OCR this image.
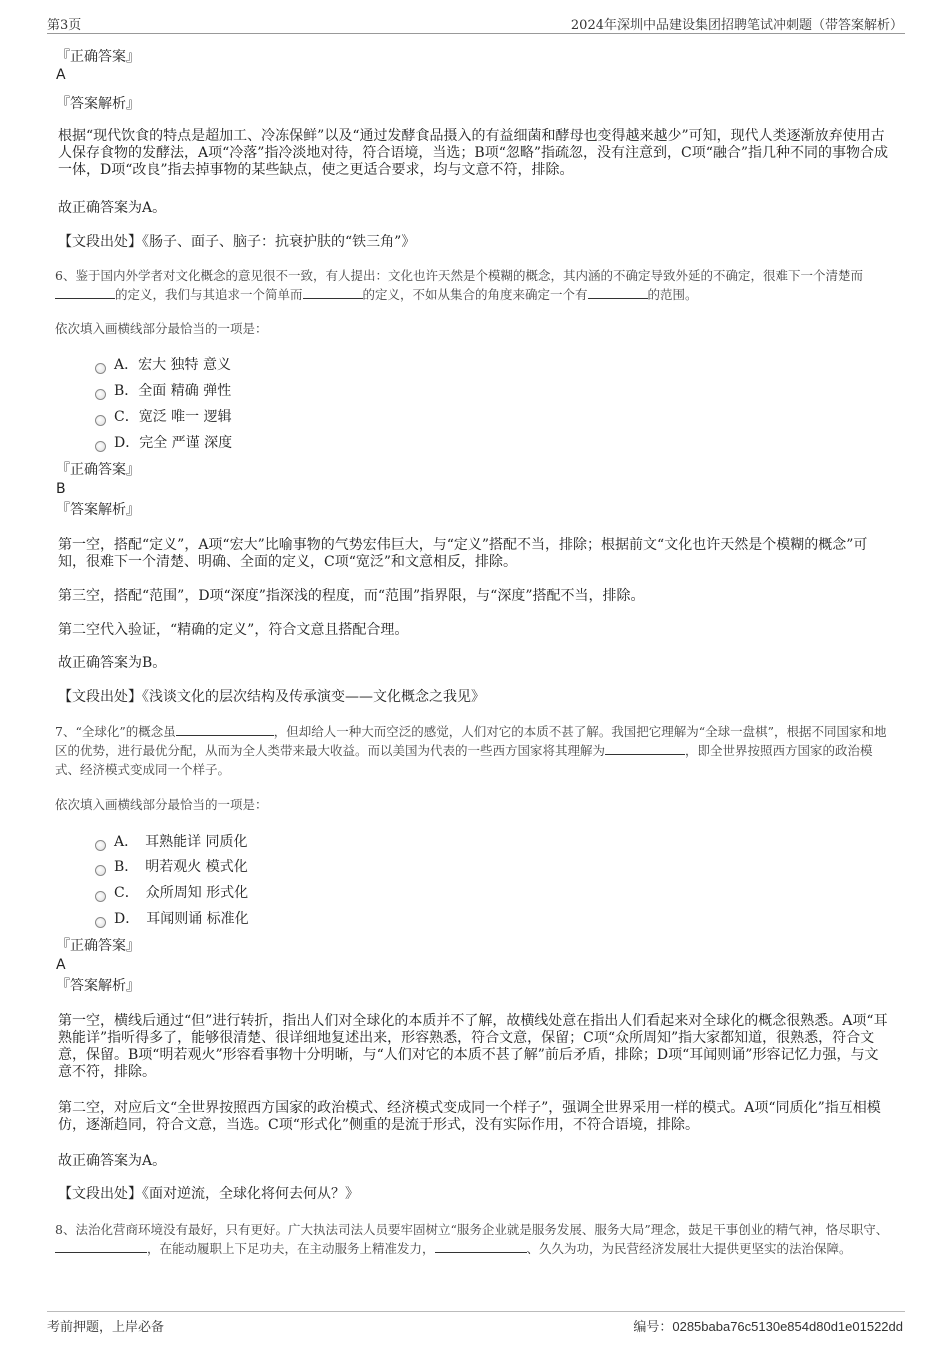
第3页	2024年深圳中品建设集团招聘笔试冲刺题（带答案解析）
『正确答案』
A
『答案解析』
根据“现代饮食的特点是超加工、冷冻保鲜”以及“通过发酵食品摄入的有益细菌和酵母也变得越来越少”可知，现代人类逐渐放弃使用古人保存食物的发酵法，A项“冷落”指冷淡地对待，符合语境，当选；B项“忽略”指疏忽，没有注意到，C项“融合”指几种不同的事物合成一体，D项“改良”指去掉事物的某些缺点，使之更适合要求，均与文意不符，排除。
故正确答案为A。
【文段出处】《肠子、面子、脑子：抗衰护肤的“铁三角”》
6、鉴于国内外学者对文化概念的意见很不一致，有人提出：文化也许天然是个模糊的概念，其内涵的不确定导致外延的不确定，很难下一个清楚而的定义，我们与其追求一个简单而	的定义，不如从集合的角度来确定一个有	的范围。
依次填入画横线部分最恰当的一项是：
A．宏大 独特 意义
B．全面 精确 弹性
C．宽泛 唯一 逻辑
D．完全 严谨 深度
『正确答案』
B
『答案解析』
第一空，搭配“定义”，A项“宏大”比喻事物的气势宏伟巨大，与“定义”搭配不当，排除；根据前文“文化也许天然是个模糊的概念”可知，很难下一个清楚、明确、全面的定义，C项“宽泛”和文意相反，排除。
第三空，搭配“范围”，D项“深度”指深浅的程度，而“范围”指界限，与“深度”搭配不当，排除。
第二空代入验证，“精确的定义”，符合文意且搭配合理。
故正确答案为B。
【文段出处】《浅谈文化的层次结构及传承演变——文化概念之我见》
7、“全球化”的概念虽	，但却给人一种大而空泛的感觉，人们对它的本质不甚了解。我国把它理解为“全球一盘棋”，根据不同国家和地区的优势，进行最优分配，从而为全人类带来最大收益。而以美国为代表的一些西方国家将其理解为	，即全世界按照西方国家的政治模式、经济模式变成同一个样子。
依次填入画横线部分最恰当的一项是：
A．　耳熟能详 同质化
B．　明若观火 模式化
C．　众所周知 形式化
D．　耳闻则诵 标准化
『正确答案』
A
『答案解析』
第一空，横线后通过“但”进行转折，指出人们对全球化的本质并不了解，故横线处意在指出人们看起来对全球化的概念很熟悉。A项“耳熟能详”指听得多了，能够很清楚、很详细地复述出来，形容熟悉，符合文意，保留；C项“众所周知”指大家都知道，很熟悉，符合文意，保留。B项“明若观火”形容看事物十分明晰，与“人们对它的本质不甚了解”前后矛盾，排除；D项“耳闻则诵”形容记忆力强，与文意不符，排除。
第二空，对应后文“全世界按照西方国家的政治模式、经济模式变成同一个样子”，强调全世界采用一样的模式。A项“同质化”指互相模仿，逐渐趋同，符合文意，当选。C项“形式化”侧重的是流于形式，没有实际作用，不符合语境，排除。
故正确答案为A。
【文段出处】《面对逆流，全球化将何去何从？》
8、法治化营商环境没有最好，只有更好。广大执法司法人员要牢固树立“服务企业就是服务发展、服务大局”理念，鼓足干事创业的精气神，恪尽职守、，在能动履职上下足功夫，在主动服务上精准发力，	、久久为功，为民营经济发展壮大提供更坚实的法治保障。
考前押题，上岸必备	编号：0285baba76c5130e854d80d1e01522dd
